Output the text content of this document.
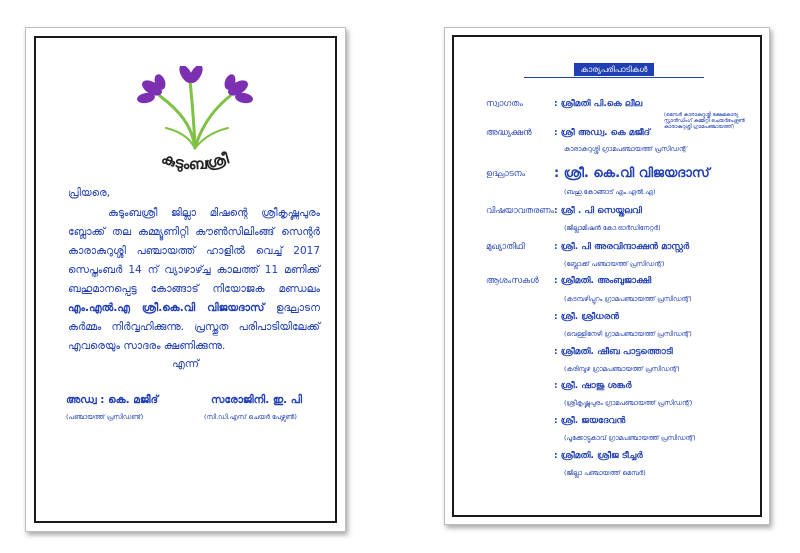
കുടുംബശ്രീ
പ്രിയരെ,
കുടുംബശ്രീ ജില്ലാ മിഷന്റെ ശ്രീകൃഷ്ണപുരം ബ്ലോക്ക് തല കമ്മ്യൂണിറ്റി കൗൺസിലിംങ്ങ് സെന്റർ കാരാകുറുശ്ശി പഞ്ചായത്ത് ഹാളിൽ വെച്ച് 2017 സെപ്തംബർ 14 ന് വ്യാഴാഴ്ച്ച കാലത്ത് 11 മണിക്ക് ബഹുമാനപ്പെട്ട കോങ്ങാട് നിയോജക മണ്ഡലം എം.എൽ.എ ശ്രീ.കെ.വി വിജയദാസ് ഉദ്ഘാടന കർമ്മം നിർവ്വഹിക്കുന്നു. പ്രസ്തുത പരിപാടിയിലേക്ക് എവരെയും സാദരം ക്ഷണിക്കുന്നു.
എന്ന്
അഡ്വ : കെ. മജീദ്
(പഞ്ചായത്ത് പ്രസിഡണ്ട്)
സരോജിനി. ഇ. പി
(സി.ഡി.എസ് ചെയർ പേഴ്സൺ)
കാര്യപരിപാടികൾ
സ്വാഗതം	: ശ്രീമതി പി.കെ ലീല
(മെമ്പർ കാരാകുറുശ്ശി ക്ഷേമകാര്യ സ്റ്റാൻഡിംഗ് കമ്മിറ്റി ചെയർപേഴ്സൺ കാരാകുറുശ്ശി ഗ്രാമപഞ്ചായത്ത്)
അദ്ധ്യക്ഷൻ : ശ്രീ അഡ്വ. കെ മജീദ്
കാരാകുറുശ്ശി ഗ്രാമപഞ്ചായത്ത് പ്രസിഡന്റ്
ഉദ്ഘാടനം : ശ്രീ. കെ.വി വിജയദാസ്
(ബഹു.കോങ്ങാട് എം.എൽ.എ)
വിഷയാവതരണം : ശ്രീ . പി സെയ്തലവി
(ജില്ലാമിഷൻ കോ.ഓർഡിനേറ്റർ)
മുഖ്യാതിഥി	: ശ്രീ. പി അരവിന്ദാക്ഷൻ മാസ്റ്റർ
(ബ്ലോക്ക് പഞ്ചായത്ത് പ്രസിഡന്റ്)
ആശംസകൾ : ശ്രീമതി. അംബുജാക്ഷി
(കടമ്പഴിപ്പുറം ഗ്രാമപഞ്ചായത്ത് പ്രസിഡന്റ്)
: ശ്രീ. ശ്രീധരൻ
(വെള്ളിനേഴി ഗ്രാമപഞ്ചായത്ത് പ്രസിഡന്റ്)
: ശ്രീമതി. ഷീബ പാട്ടത്തൊടി
(കരിമ്പുഴ ഗ്രാമപഞ്ചായത്ത് പ്രസിഡന്റ്)
: ശ്രീ. ഷാജു ശങ്കർ
(ശ്രീകൃഷ്ണപുരം ഗ്രാമപഞ്ചായത്ത് പ്രസിഡന്റ്)
: ശ്രീ. ജയദേവൻ
(പൂക്കോട്ടുകാവ് ഗ്രാമപഞ്ചായത്ത് പ്രസിഡന്റ്)
: ശ്രീമതി. ശ്രീജ ടീച്ചർ
(ജില്ലാ പഞ്ചായത്ത് മെമ്പർ)
